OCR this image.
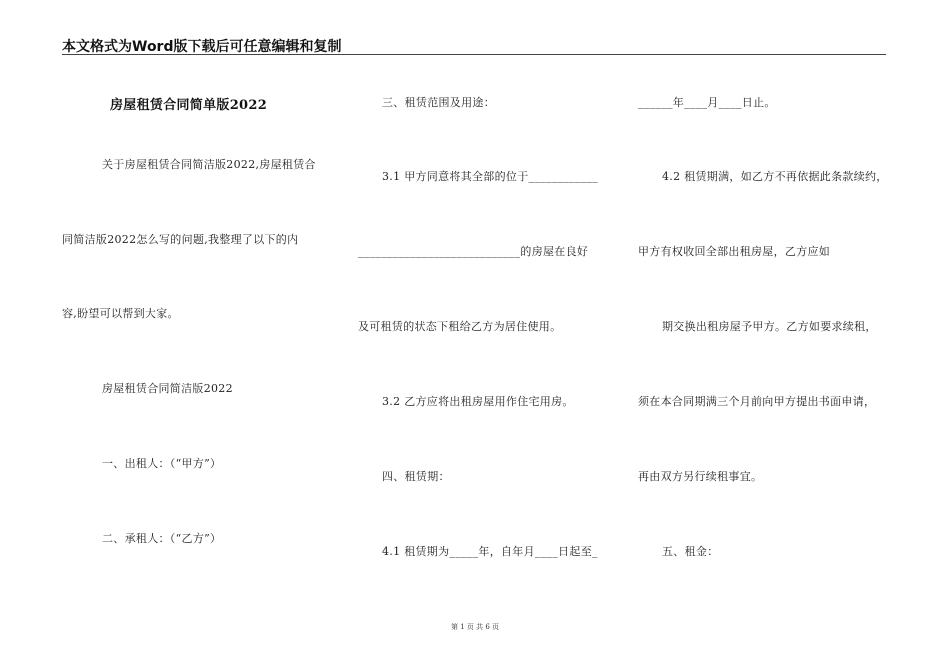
本文格式为Word版下载后可任意编辑和复制
房屋租赁合同简单版2022
关于房屋租赁合同简洁版2022,房屋租赁合
同简洁版2022怎么写的问题,我整理了以下的内
容,盼望可以帮到大家。
房屋租赁合同简洁版2022
一、出租人：（“甲方”）
二、承租人：（“乙方”）
三、租赁范围及用途：
3.1 甲方同意将其全部的位于____________
____________________________的房屋在良好
及可租赁的状态下租给乙方为居住使用。
3.2 乙方应将出租房屋用作住宅用房。
四、租赁期：
4.1 租赁期为_____年，自年月____日起至_
______年____月____日止。
4.2 租赁期满，如乙方不再依据此条款续约，
甲方有权收回全部出租房屋，乙方应如
期交换出租房屋予甲方。乙方如要求续租，
须在本合同期满三个月前向甲方提出书面申请，
再由双方另行续租事宜。
五、租金：
第 1 页 共 6 页
